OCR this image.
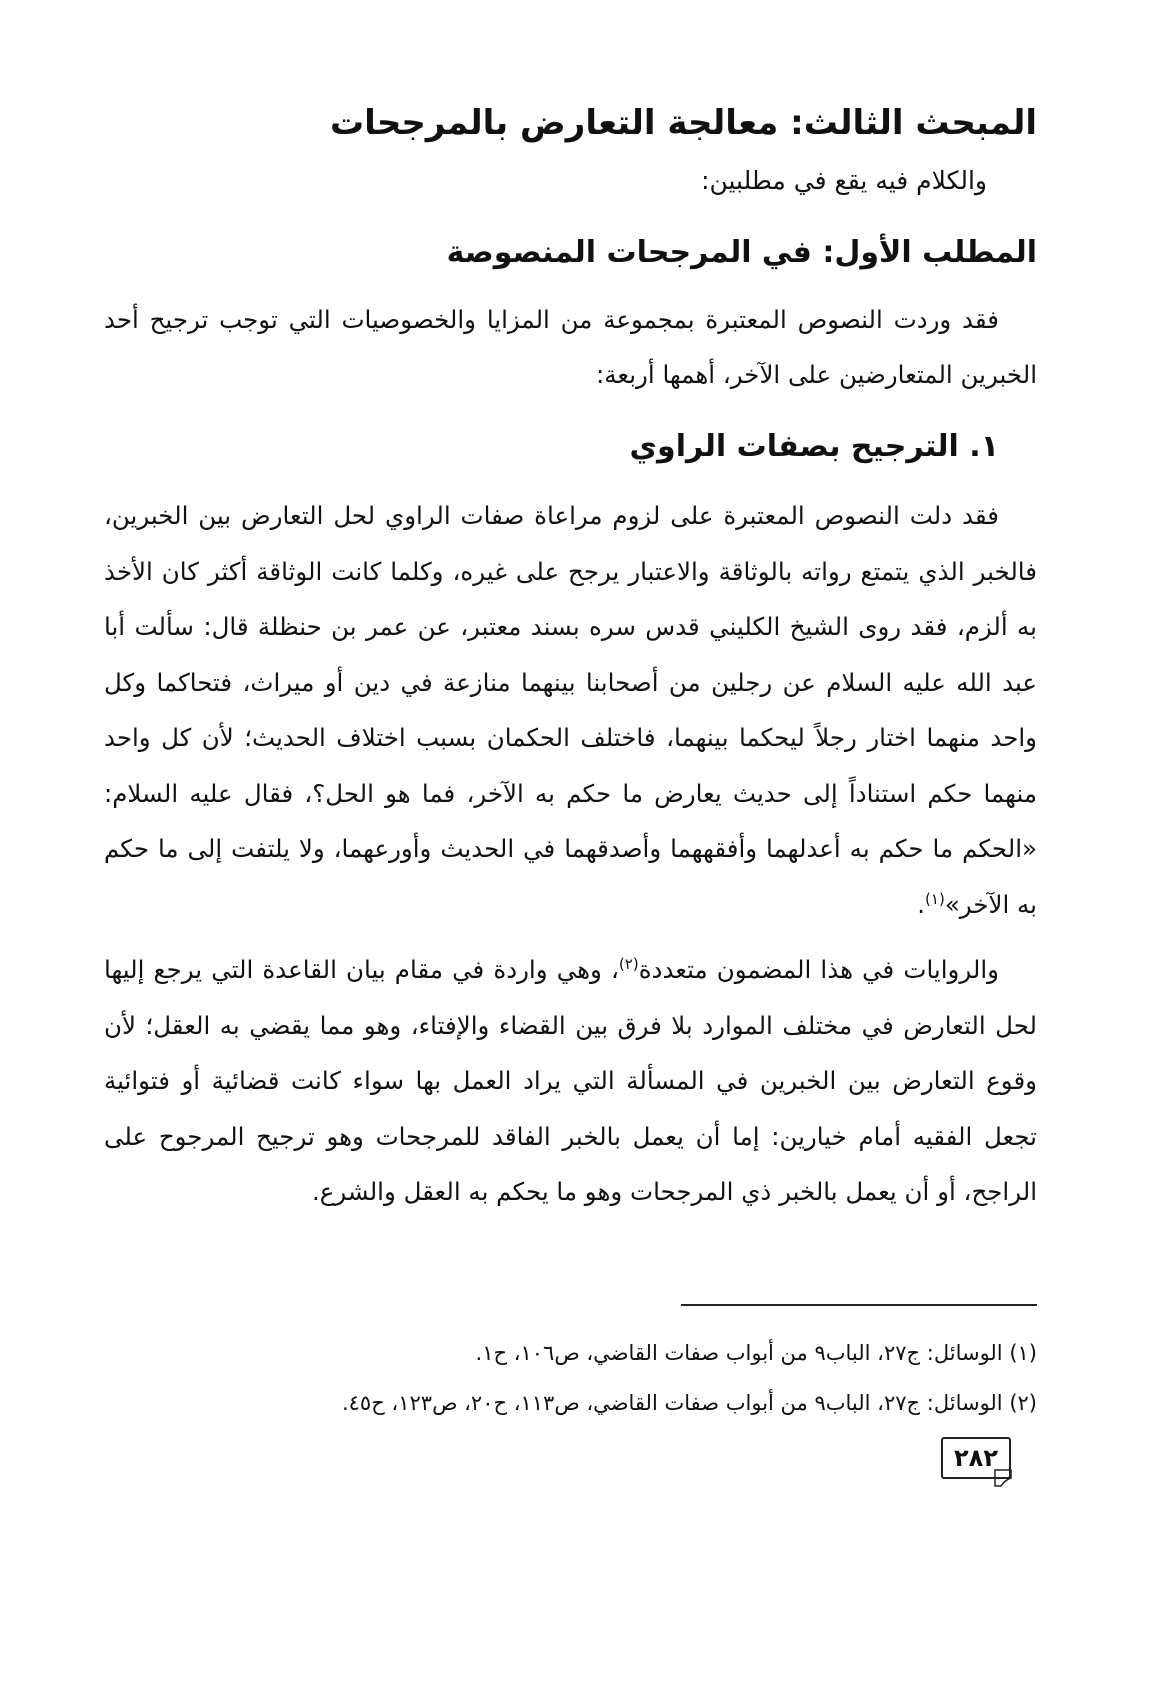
المبحث الثالث: معالجة التعارض بالمرجحات

والكلام فيه يقع في مطلبين:

المطلب الأول: في المرجحات المنصوصة

فقد وردت النصوص المعتبرة بمجموعة من المزايا والخصوصيات التي توجب ترجيح أحد الخبرين المتعارضين على الآخر، أهمها أربعة:

١. الترجيح بصفات الراوي

فقد دلت النصوص المعتبرة على لزوم مراعاة صفات الراوي لحل التعارض بين الخبرين، فالخبر الذي يتمتع رواته بالوثاقة والاعتبار يرجح على غيره، وكلما كانت الوثاقة أكثر كان الأخذ به ألزم، فقد روى الشيخ الكليني قدس سره بسند معتبر، عن عمر بن حنظلة قال: سألت أبا عبد الله عليه السلام عن رجلين من أصحابنا بينهما منازعة في دين أو ميراث، فتحاكما وكل واحد منهما اختار رجلاً ليحكما بينهما، فاختلف الحكمان بسبب اختلاف الحديث؛ لأن كل واحد منهما حكم استناداً إلى حديث يعارض ما حكم به الآخر، فما هو الحل؟، فقال عليه السلام: «الحكم ما حكم به أعدلهما وأفقههما وأصدقهما في الحديث وأورعهما، ولا يلتفت إلى ما حكم به الآخر»$^{(١)}$.

والروايات في هذا المضمون متعددة$^{(٢)}$، وهي واردة في مقام بيان القاعدة التي يرجع إليها لحل التعارض في مختلف الموارد بلا فرق بين القضاء والإفتاء، وهو مما يقضي به العقل؛ لأن وقوع التعارض بين الخبرين في المسألة التي يراد العمل بها سواء كانت قضائية أو فتوائية تجعل الفقيه أمام خيارين: إما أن يعمل بالخبر الفاقد للمرجحات وهو ترجيح المرجوح على الراجح، أو أن يعمل بالخبر ذي المرجحات وهو ما يحكم به العقل والشرع.

(١) الوسائل: ج٢٧، الباب٩ من أبواب صفات القاضي، ص١٠٦، ح١.

(٢) الوسائل: ج٢٧، الباب٩ من أبواب صفات القاضي، ص١١٣، ح٢٠، ص١٢٣، ح٤٥.

٢٨٢
